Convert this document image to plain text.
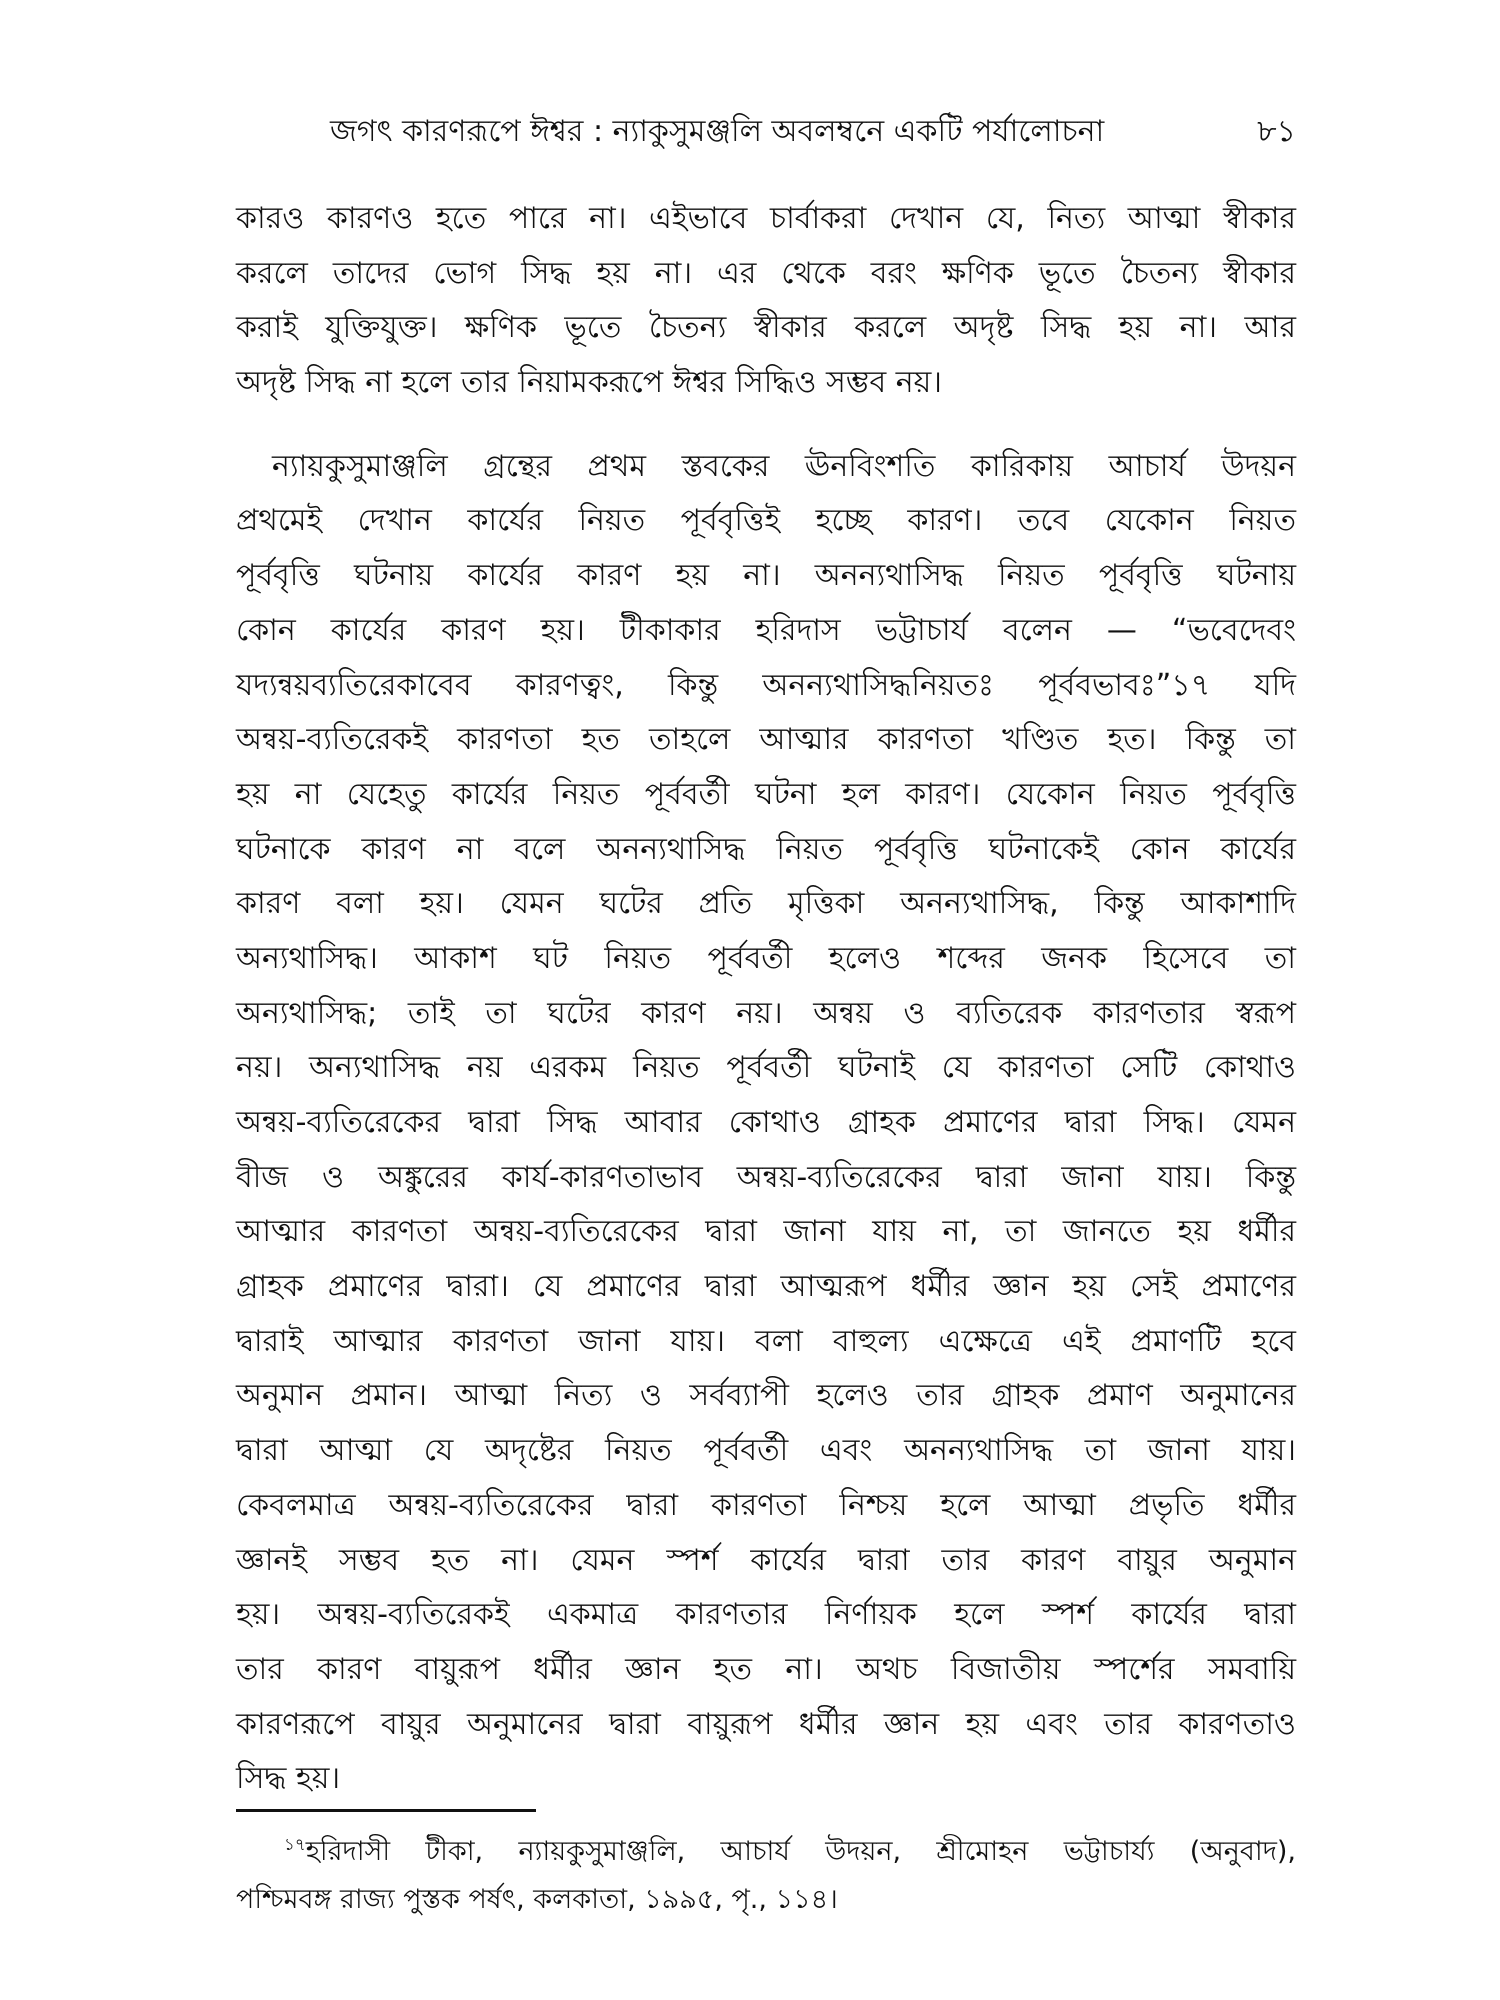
জগৎ কারণরূপে ঈশ্বর : ন্যাকুসুমঞ্জলি অবলম্বনে একটি পর্যালোচনা	৮১
কারও কারণও হতে পারে না। এইভাবে চার্বাকরা দেখান যে, নিত্য আত্মা স্বীকার
করলে তাদের ভোগ সিদ্ধ হয় না। এর থেকে বরং ক্ষণিক ভূতে চৈতন্য স্বীকার
করাই যুক্তিযুক্ত। ক্ষণিক ভূতে চৈতন্য স্বীকার করলে অদৃষ্ট সিদ্ধ হয় না। আর
অদৃষ্ট সিদ্ধ না হলে তার নিয়ামকরূপে ঈশ্বর সিদ্ধিও সম্ভব নয়।
ন্যায়কুসুমাঞ্জলি গ্রন্থের প্রথম স্তবকের ঊনবিংশতি কারিকায় আচার্য উদয়ন
প্রথমেই দেখান কার্যের নিয়ত পূর্ববৃত্তিই হচ্ছে কারণ। তবে যেকোন নিয়ত
পূর্ববৃত্তি ঘটনায় কার্যের কারণ হয় না। অনন্যথাসিদ্ধ নিয়ত পূর্ববৃত্তি ঘটনায়
কোন কার্যের কারণ হয়। টীকাকার হরিদাস ভট্টাচার্য বলেন — “ভবেদেবং
যদ্যন্বয়ব্যতিরেকাবেব কারণত্বং, কিন্তু অনন্যথাসিদ্ধনিয়তঃ পূর্ববভাবঃ”১৭ যদি
অন্বয়-ব্যতিরেকই কারণতা হত তাহলে আত্মার কারণতা খণ্ডিত হত। কিন্তু তা
হয় না যেহেতু কার্যের নিয়ত পূর্ববর্তী ঘটনা হল কারণ। যেকোন নিয়ত পূর্ববৃত্তি
ঘটনাকে কারণ না বলে অনন্যথাসিদ্ধ নিয়ত পূর্ববৃত্তি ঘটনাকেই কোন কার্যের
কারণ বলা হয়। যেমন ঘটের প্রতি মৃত্তিকা অনন্যথাসিদ্ধ, কিন্তু আকাশাদি
অন্যথাসিদ্ধ। আকাশ ঘট নিয়ত পূর্ববর্তী হলেও শব্দের জনক হিসেবে তা
অন্যথাসিদ্ধ; তাই তা ঘটের কারণ নয়। অন্বয় ও ব্যতিরেক কারণতার স্বরূপ
নয়। অন্যথাসিদ্ধ নয় এরকম নিয়ত পূর্ববর্তী ঘটনাই যে কারণতা সেটি কোথাও
অন্বয়-ব্যতিরেকের দ্বারা সিদ্ধ আবার কোথাও গ্রাহক প্রমাণের দ্বারা সিদ্ধ। যেমন
বীজ ও অঙ্কুরের কার্য-কারণতাভাব অন্বয়-ব্যতিরেকের দ্বারা জানা যায়। কিন্তু
আত্মার কারণতা অন্বয়-ব্যতিরেকের দ্বারা জানা যায় না, তা জানতে হয় ধর্মীর
গ্রাহক প্রমাণের দ্বারা। যে প্রমাণের দ্বারা আত্মরূপ ধর্মীর জ্ঞান হয় সেই প্রমাণের
দ্বারাই আত্মার কারণতা জানা যায়। বলা বাহুল্য এক্ষেত্রে এই প্রমাণটি হবে
অনুমান প্রমান। আত্মা নিত্য ও সর্বব্যাপী হলেও তার গ্রাহক প্রমাণ অনুমানের
দ্বারা আত্মা যে অদৃষ্টের নিয়ত পূর্ববর্তী এবং অনন্যথাসিদ্ধ তা জানা যায়।
কেবলমাত্র অন্বয়-ব্যতিরেকের দ্বারা কারণতা নিশ্চয় হলে আত্মা প্রভৃতি ধর্মীর
জ্ঞানই সম্ভব হত না। যেমন স্পর্শ কার্যের দ্বারা তার কারণ বায়ুর অনুমান
হয়। অন্বয়-ব্যতিরেকই একমাত্র কারণতার নির্ণায়ক হলে স্পর্শ কার্যের দ্বারা
তার কারণ বায়ুরূপ ধর্মীর জ্ঞান হত না। অথচ বিজাতীয় স্পর্শের সমবায়ি
কারণরূপে বায়ুর অনুমানের দ্বারা বায়ুরূপ ধর্মীর জ্ঞান হয় এবং তার কারণতাও
সিদ্ধ হয়।
$^{১৭}$হরিদাসী টীকা, ন্যায়কুসুমাঞ্জলি, আচার্য উদয়ন, শ্রীমোহন ভট্টাচার্য্য (অনুবাদ),
পশ্চিমবঙ্গ রাজ্য পুস্তক পর্ষৎ, কলকাতা, ১৯৯৫, পৃ., ১১৪।
